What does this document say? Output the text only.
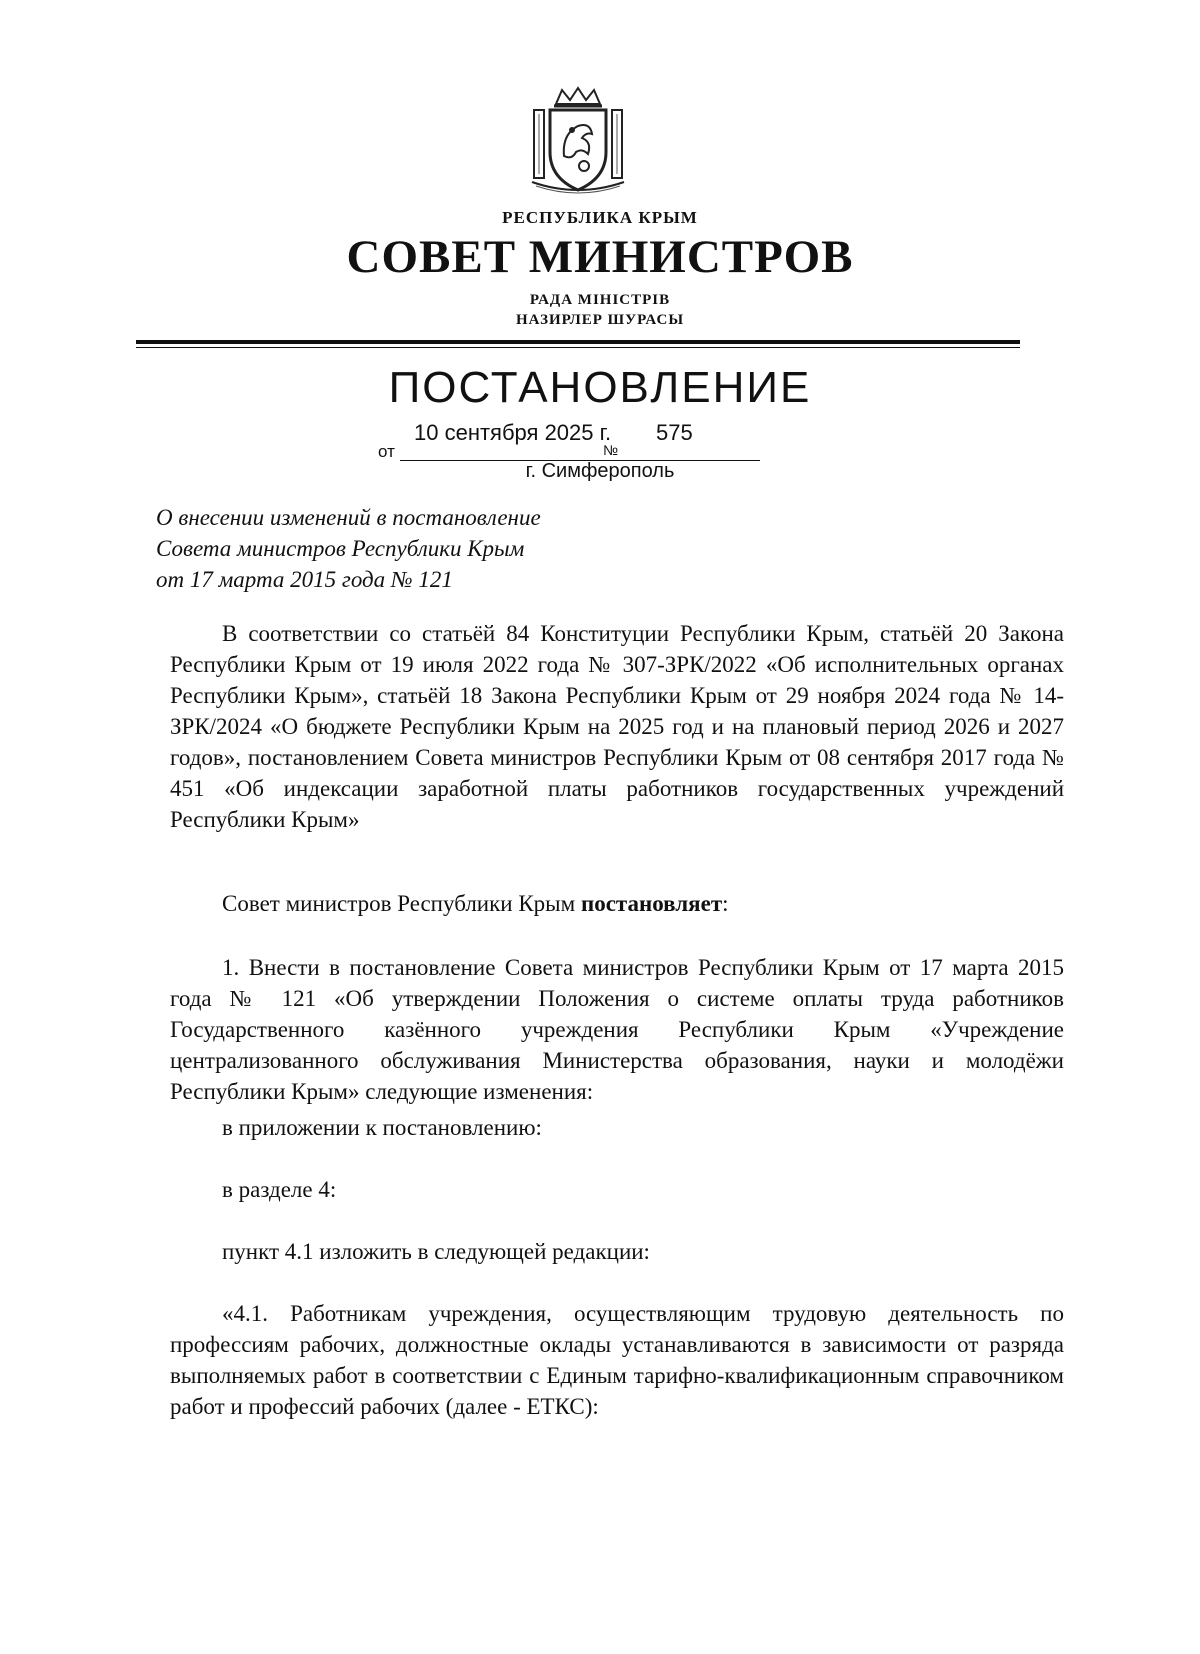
РЕСПУБЛИКА КРЫМ
СОВЕТ МИНИСТРОВ
РАДА МІНІСТРІВ
НАЗИРЛЕР ШУРАСЫ
ПОСТАНОВЛЕНИЕ
от
10 сентября 2025 г.
№
575
г. Симферополь
О внесении изменений в постановление
Совета министров Республики Крым
от 17 марта 2015 года № 121

В соответствии со статьёй 84 Конституции Республики Крым, статьёй 20 Закона Республики Крым от 19 июля 2022 года № 307-ЗРК/2022 «Об исполнительных органах Республики Крым», статьёй 18 Закона Республики Крым от 29 ноября 2024 года № 14-ЗРК/2024 «О бюджете Республики Крым на 2025 год и на плановый период 2026 и 2027 годов», постановлением Совета министров Республики Крым от 08 сентября 2017 года № 451 «Об индексации заработной платы работников государственных учреждений Республики Крым»

Совет министров Республики Крым постановляет:

1. Внести в постановление Совета министров Республики Крым от 17 марта 2015 года № 121 «Об утверждении Положения о системе оплаты труда работников Государственного казённого учреждения Республики Крым «Учреждение централизованного обслуживания Министерства образования, науки и молодёжи Республики Крым» следующие изменения:

в приложении к постановлению:

в разделе 4:

пункт 4.1 изложить в следующей редакции:

«4.1. Работникам учреждения, осуществляющим трудовую деятельность по профессиям рабочих, должностные оклады устанавливаются в зависимости от разряда выполняемых работ в соответствии с Единым тарифно-квалификационным справочником работ и профессий рабочих (далее - ЕТКС):
